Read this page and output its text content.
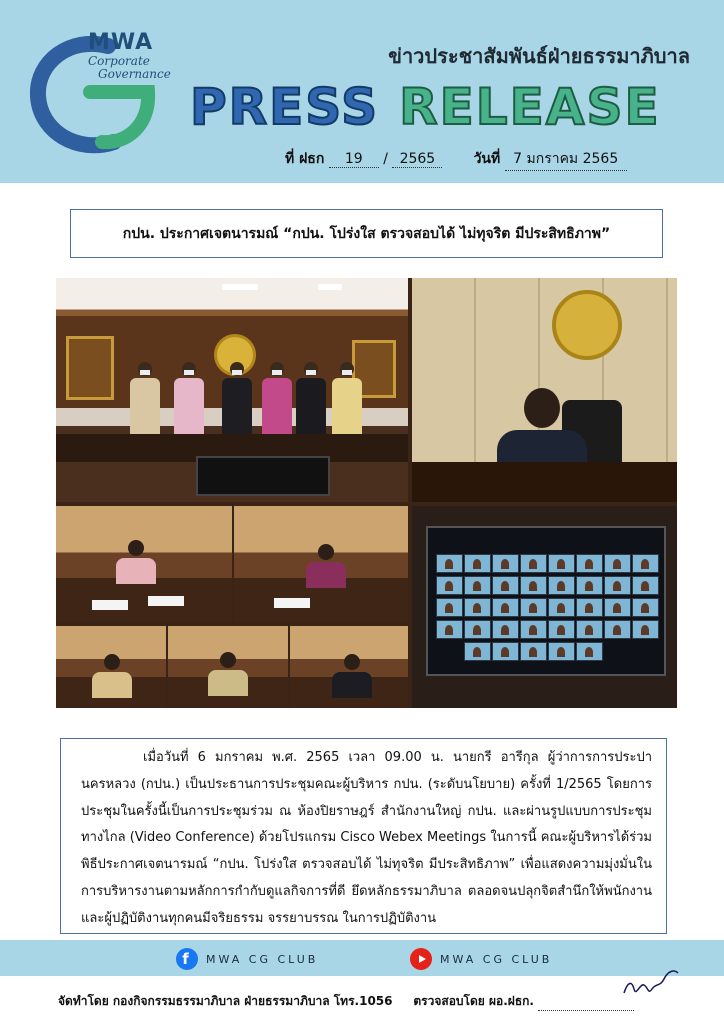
MWA
Corporate
Governance
ข่าวประชาสัมพันธ์ฝ่ายธรรมาภิบาล
PRESS RELEASE
ที่ ฝธก 19 / 2565	วันที่ 7 มกราคม 2565
กปน. ประกาศเจตนารมณ์ “กปน. โปร่งใส ตรวจสอบได้ ไม่ทุจริต มีประสิทธิภาพ”

เมื่อวันที่ 6 มกราคม พ.ศ. 2565 เวลา 09.00 น. นายกรี อารีกุล ผู้ว่าการการประปานครหลวง (กปน.) เป็นประธานการประชุมคณะผู้บริหาร กปน. (ระดับนโยบาย) ครั้งที่ 1/2565 โดยการประชุมในครั้งนี้เป็นการประชุมร่วม ณ ห้องปิยราษฎร์ สำนักงานใหญ่ กปน. และผ่านรูปแบบการประชุมทางไกล (Video Conference) ด้วยโปรแกรม Cisco Webex Meetings ในการนี้ คณะผู้บริหารได้ร่วมพิธีประกาศเจตนารมณ์ “กปน. โปร่งใส ตรวจสอบได้ ไม่ทุจริต มีประสิทธิภาพ” เพื่อแสดงความมุ่งมั่นในการบริหารงานตามหลักการกำกับดูแลกิจการที่ดี ยึดหลักธรรมาภิบาล ตลอดจนปลุกจิตสำนึกให้พนักงานและผู้ปฏิบัติงานทุกคนมีจริยธรรม จรรยาบรรณ ในการปฏิบัติงาน

f	MWA CG CLUB	MWA CG CLUB
จัดทำโดย กองกิจกรรมธรรมาภิบาล ฝ่ายธรรมาภิบาล โทร.1056 ตรวจสอบโดย ผอ.ฝธก.
